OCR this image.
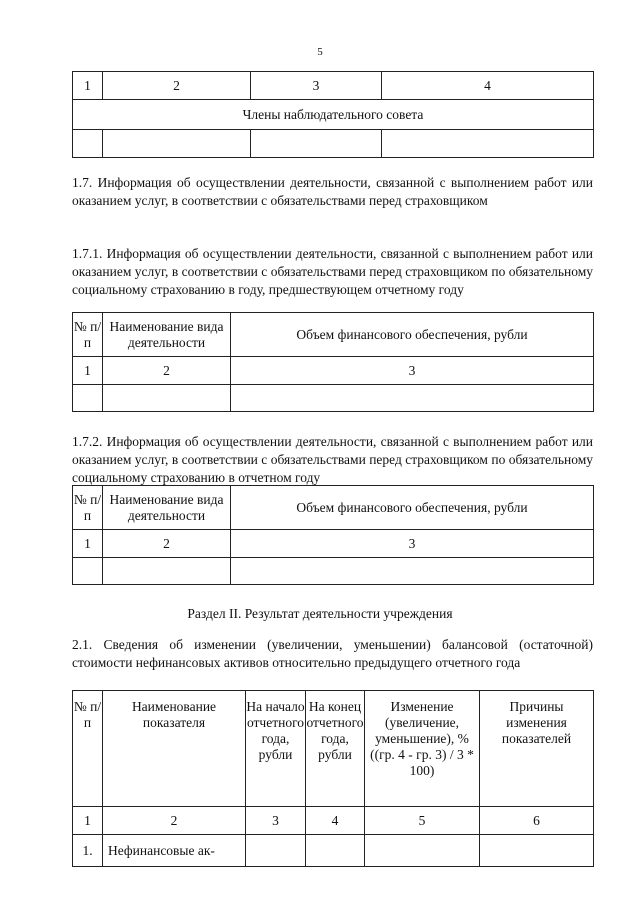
5
1	2	3	4
Члены наблюдательного совета			

1.7. Информация об осуществлении деятельности, связанной с выполнением работ или оказанием услуг, в соответствии с обязательствами перед страховщиком
1.7.1. Информация об осуществлении деятельности, связанной с выполнением работ или оказанием услуг, в соответствии с обязательствами перед страховщиком по обязательному социальному страхованию в году, предшествующем отчетному году
№ п/п	Наименование вида деятельности	Объем финансового обеспечения, рубли
1	2	3

1.7.2. Информация об осуществлении деятельности, связанной с выполнением работ или оказанием услуг, в соответствии с обязательствами перед страховщиком по обязательному социальному страхованию в отчетном году
№ п/п	Наименование вида деятельности	Объем финансового обеспечения, рубли
1	2	3

Раздел II. Результат деятельности учреждения
2.1. Сведения об изменении (увеличении, уменьшении) балансовой (остаточной) стоимости нефинансовых активов относительно предыдущего отчетного года
№ п/п	Наименование показателя	На начало отчетного года, рубли	На конец отчетного года, рубли	Изменение (увеличение, уменьшение), % ((гр. 4 - гр. 3) / 3 * 100)	Причины изменения показателей
1	2	3	4	5	6
1.	Нефинансовые ак-				
